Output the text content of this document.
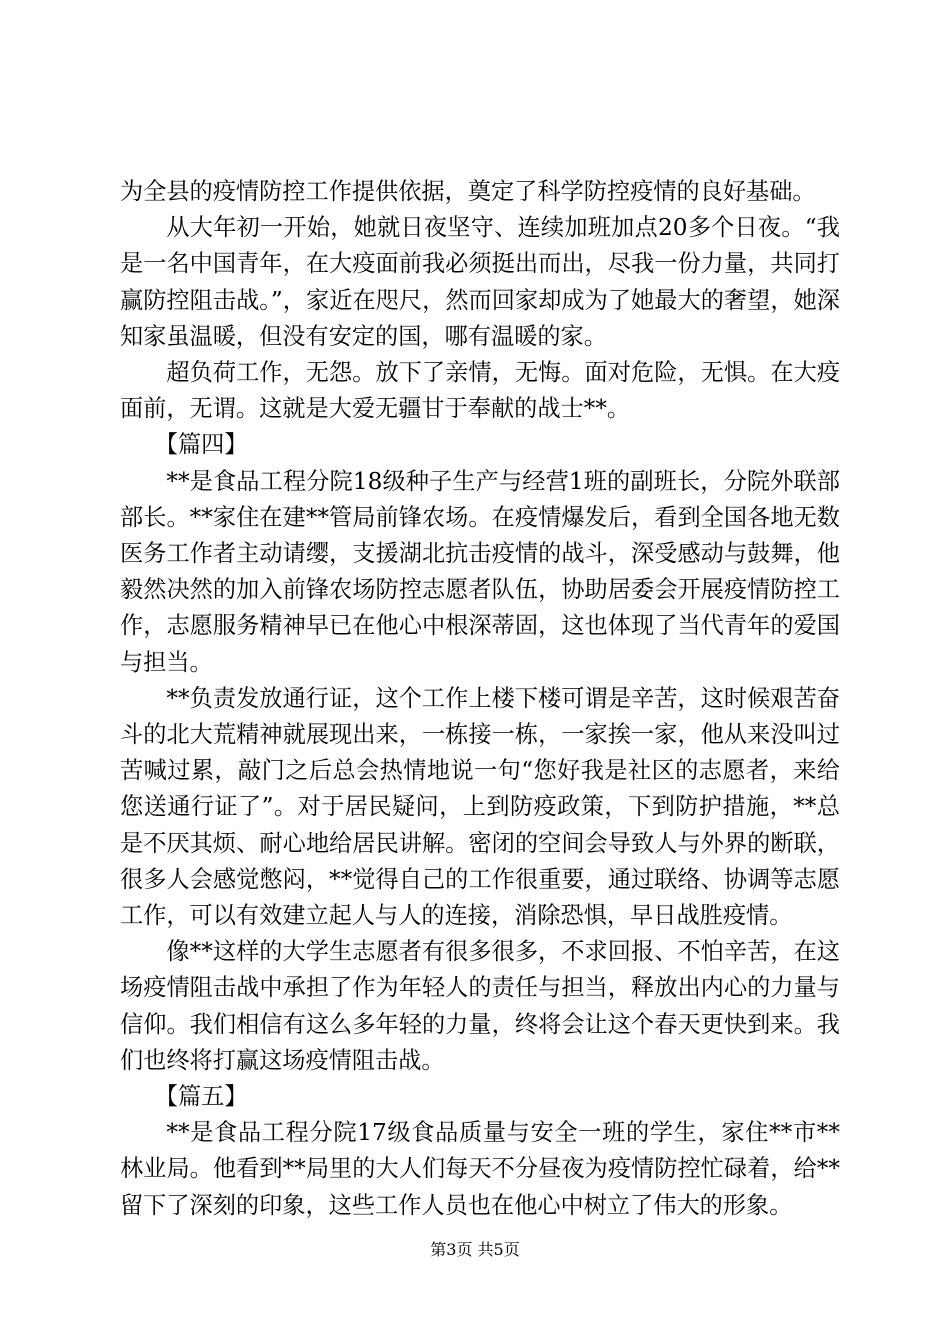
为全县的疫情防控工作提供依据，奠定了科学防控疫情的良好基础。

从大年初一开始，她就日夜坚守、连续加班加点20多个日夜。“我是一名中国青年，在大疫面前我必须挺出而出，尽我一份力量，共同打赢防控阻击战。”，家近在咫尺，然而回家却成为了她最大的奢望，她深知家虽温暖，但没有安定的国，哪有温暖的家。

超负荷工作，无怨。放下了亲情，无悔。面对危险，无惧。在大疫面前，无谓。这就是大爱无疆甘于奉献的战士**。

【篇四】

**是食品工程分院18级种子生产与经营1班的副班长，分院外联部部长。**家住在建**管局前锋农场。在疫情爆发后，看到全国各地无数医务工作者主动请缨，支援湖北抗击疫情的战斗，深受感动与鼓舞，他毅然决然的加入前锋农场防控志愿者队伍，协助居委会开展疫情防控工作，志愿服务精神早已在他心中根深蒂固，这也体现了当代青年的爱国与担当。

**负责发放通行证，这个工作上楼下楼可谓是辛苦，这时候艰苦奋斗的北大荒精神就展现出来，一栋接一栋，一家挨一家，他从来没叫过苦喊过累，敲门之后总会热情地说一句“您好我是社区的志愿者，来给您送通行证了”。对于居民疑问，上到防疫政策，下到防护措施，**总是不厌其烦、耐心地给居民讲解。密闭的空间会导致人与外界的断联，很多人会感觉憋闷，**觉得自己的工作很重要，通过联络、协调等志愿工作，可以有效建立起人与人的连接，消除恐惧，早日战胜疫情。

像**这样的大学生志愿者有很多很多，不求回报、不怕辛苦，在这场疫情阻击战中承担了作为年轻人的责任与担当，释放出内心的力量与信仰。我们相信有这么多年轻的力量，终将会让这个春天更快到来。我们也终将打赢这场疫情阻击战。

【篇五】

**是食品工程分院17级食品质量与安全一班的学生，家住**市**林业局。他看到**局里的大人们每天不分昼夜为疫情防控忙碌着，给**留下了深刻的印象，这些工作人员也在他心中树立了伟大的形象。

第3页 共5页
